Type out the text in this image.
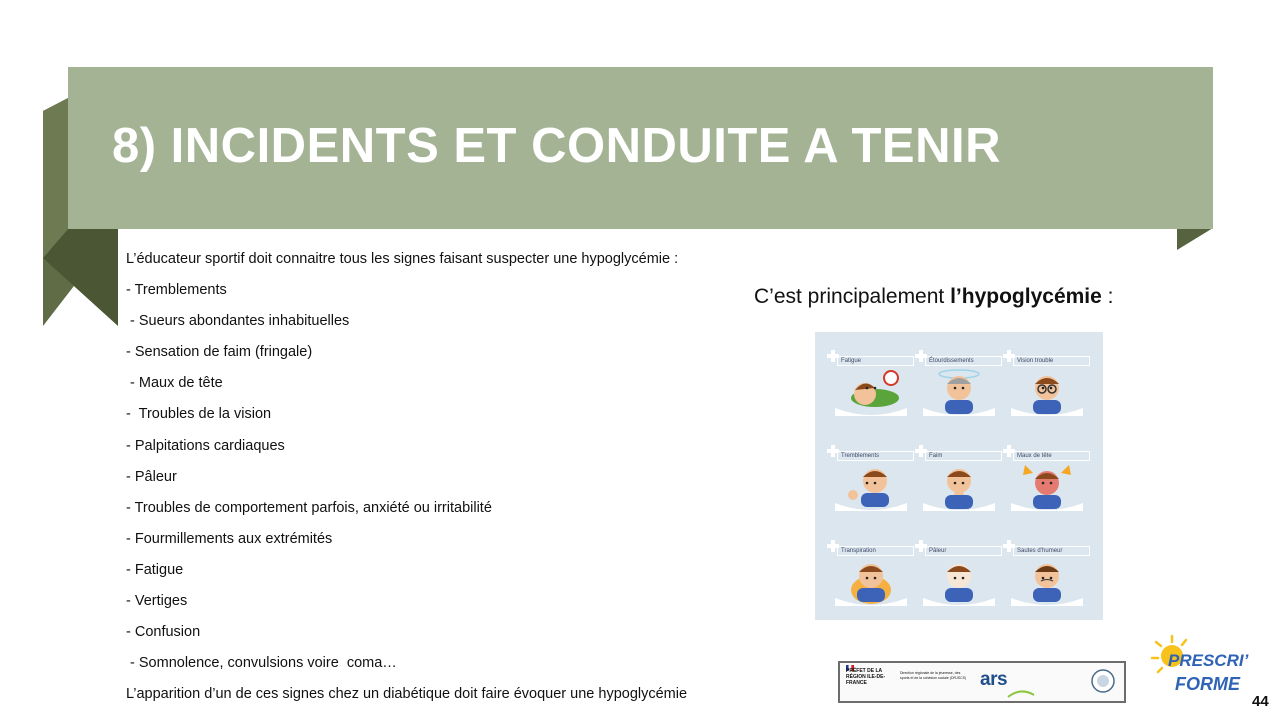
8) INCIDENTS ET CONDUITE A TENIR
L’éducateur sportif doit connaitre tous les signes faisant suspecter une hypoglycémie :
- Tremblements
- Sueurs abondantes inhabituelles
- Sensation de faim (fringale)
- Maux de tête
-  Troubles de la vision
- Palpitations cardiaques
- Pâleur
- Troubles de comportement parfois, anxiété ou irritabilité
- Fourmillements aux extrémités
- Fatigue
- Vertiges
- Confusion
- Somnolence, convulsions voire  coma…
L’apparition d’un de ces signes chez un diabétique doit faire évoquer une hypoglycémie
C’est principalement l’hypoglycémie :
Fatigue	Étourdissements	Vision trouble
Tremblements	Faim	Maux de tête
Transpiration	Pâleur	Sautes d’humeur
PRÉFET DE LA RÉGION ILE-DE-FRANCE
Direction régionale de la jeunesse, des sports et de la cohésion sociale (DRJSCS) ars
PRESCRI’
FORME
44
